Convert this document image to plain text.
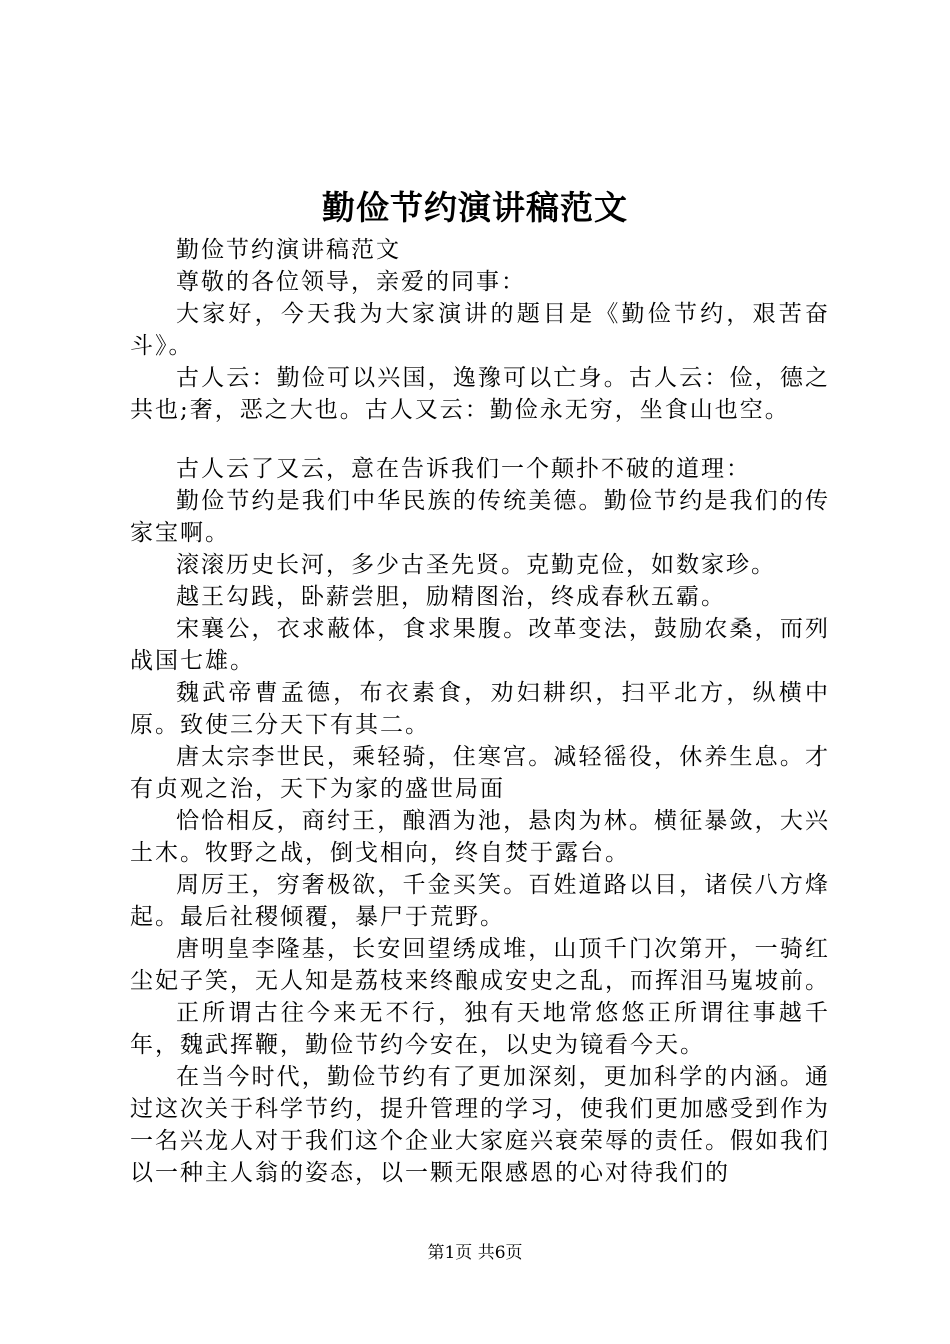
勤俭节约演讲稿范文

勤俭节约演讲稿范文

尊敬的各位领导，亲爱的同事：

大家好，今天我为大家演讲的题目是《勤俭节约，艰苦奋斗》。

古人云：勤俭可以兴国，逸豫可以亡身。古人云：俭，德之共也;奢，恶之大也。古人又云：勤俭永无穷，坐食山也空。

古人云了又云，意在告诉我们一个颠扑不破的道理：

勤俭节约是我们中华民族的传统美德。勤俭节约是我们的传家宝啊。

滚滚历史长河，多少古圣先贤。克勤克俭，如数家珍。

越王勾践，卧薪尝胆，励精图治，终成春秋五霸。

宋襄公，衣求蔽体，食求果腹。改革变法，鼓励农桑，而列战国七雄。

魏武帝曹孟德，布衣素食，劝妇耕织，扫平北方，纵横中原。致使三分天下有其二。

唐太宗李世民，乘轻骑，住寒宫。减轻徭役，休养生息。才有贞观之治，天下为家的盛世局面

恰恰相反，商纣王，酿酒为池，悬肉为林。横征暴敛，大兴土木。牧野之战，倒戈相向，终自焚于露台。

周厉王，穷奢极欲，千金买笑。百姓道路以目，诸侯八方烽起。最后社稷倾覆，暴尸于荒野。

唐明皇李隆基，长安回望绣成堆，山顶千门次第开，一骑红尘妃子笑，无人知是荔枝来终酿成安史之乱，而挥泪马嵬坡前。

正所谓古往今来无不行，独有天地常悠悠正所谓往事越千年，魏武挥鞭，勤俭节约今安在，以史为镜看今天。

在当今时代，勤俭节约有了更加深刻，更加科学的内涵。通过这次关于科学节约，提升管理的学习，使我们更加感受到作为一名兴龙人对于我们这个企业大家庭兴衰荣辱的责任。假如我们以一种主人翁的姿态，以一颗无限感恩的心对待我们的

第1页 共6页
